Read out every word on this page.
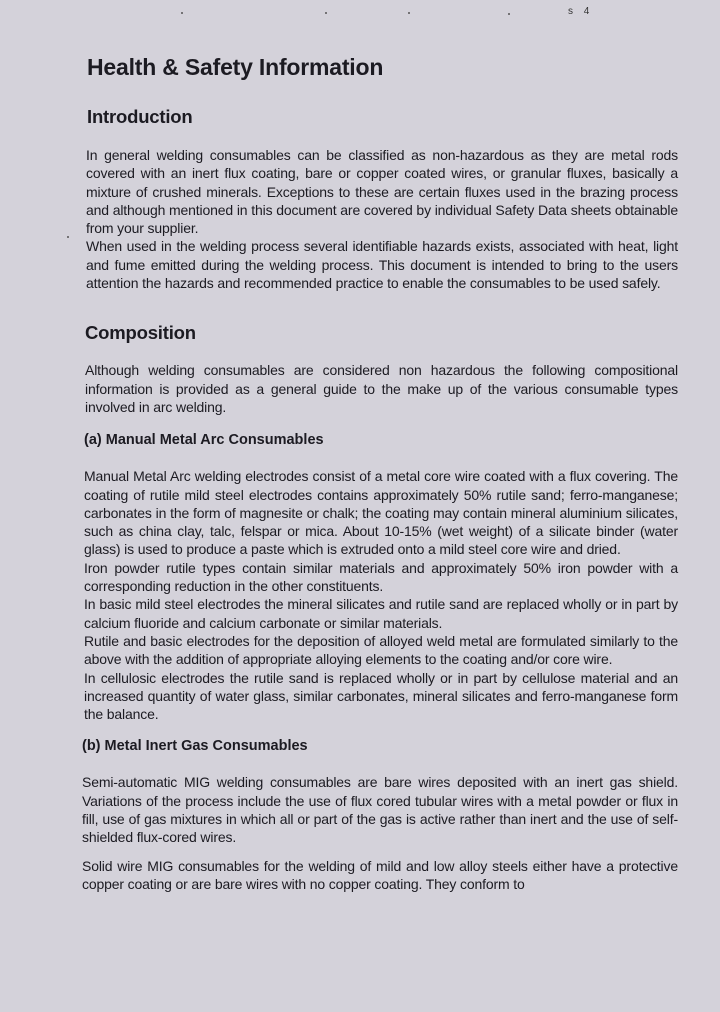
s 4
Health & Safety Information
Introduction

In general welding consumables can be classified as non-hazardous as they are metal rods covered with an inert flux coating, bare or copper coated wires, or granular fluxes, basically a mixture of crushed minerals. Exceptions to these are certain fluxes used in the brazing process and although mentioned in this document are covered by individual Safety Data sheets obtainable from your supplier.

When used in the welding process several identifiable hazards exists, associated with heat, light and fume emitted during the welding process. This document is intended to bring to the users attention the hazards and recommended practice to enable the consumables to be used safely.

Composition

Although welding consumables are considered non hazardous the following compositional information is provided as a general guide to the make up of the various consumable types involved in arc welding.

(a) Manual Metal Arc Consumables

Manual Metal Arc welding electrodes consist of a metal core wire coated with a flux covering. The coating of rutile mild steel electrodes contains approximately 50% rutile sand; ferro-manganese; carbonates in the form of magnesite or chalk; the coating may contain mineral aluminium silicates, such as china clay, talc, felspar or mica. About 10-15% (wet weight) of a silicate binder (water glass) is used to produce a paste which is extruded onto a mild steel core wire and dried.

Iron powder rutile types contain similar materials and approximately 50% iron powder with a corresponding reduction in the other constituents.

In basic mild steel electrodes the mineral silicates and rutile sand are replaced wholly or in part by calcium fluoride and calcium carbonate or similar materials.

Rutile and basic electrodes for the deposition of alloyed weld metal are formulated similarly to the above with the addition of appropriate alloying elements to the coating and/or core wire.

In cellulosic electrodes the rutile sand is replaced wholly or in part by cellulose material and an increased quantity of water glass, similar carbonates, mineral silicates and ferro-manganese form the balance.

(b) Metal Inert Gas Consumables

Semi-automatic MIG welding consumables are bare wires deposited with an inert gas shield. Variations of the process include the use of flux cored tubular wires with a metal powder or flux in fill, use of gas mixtures in which all or part of the gas is active rather than inert and the use of self-shielded flux-cored wires.

Solid wire MIG consumables for the welding of mild and low alloy steels either have a protective copper coating or are bare wires with no copper coating. They conform to
